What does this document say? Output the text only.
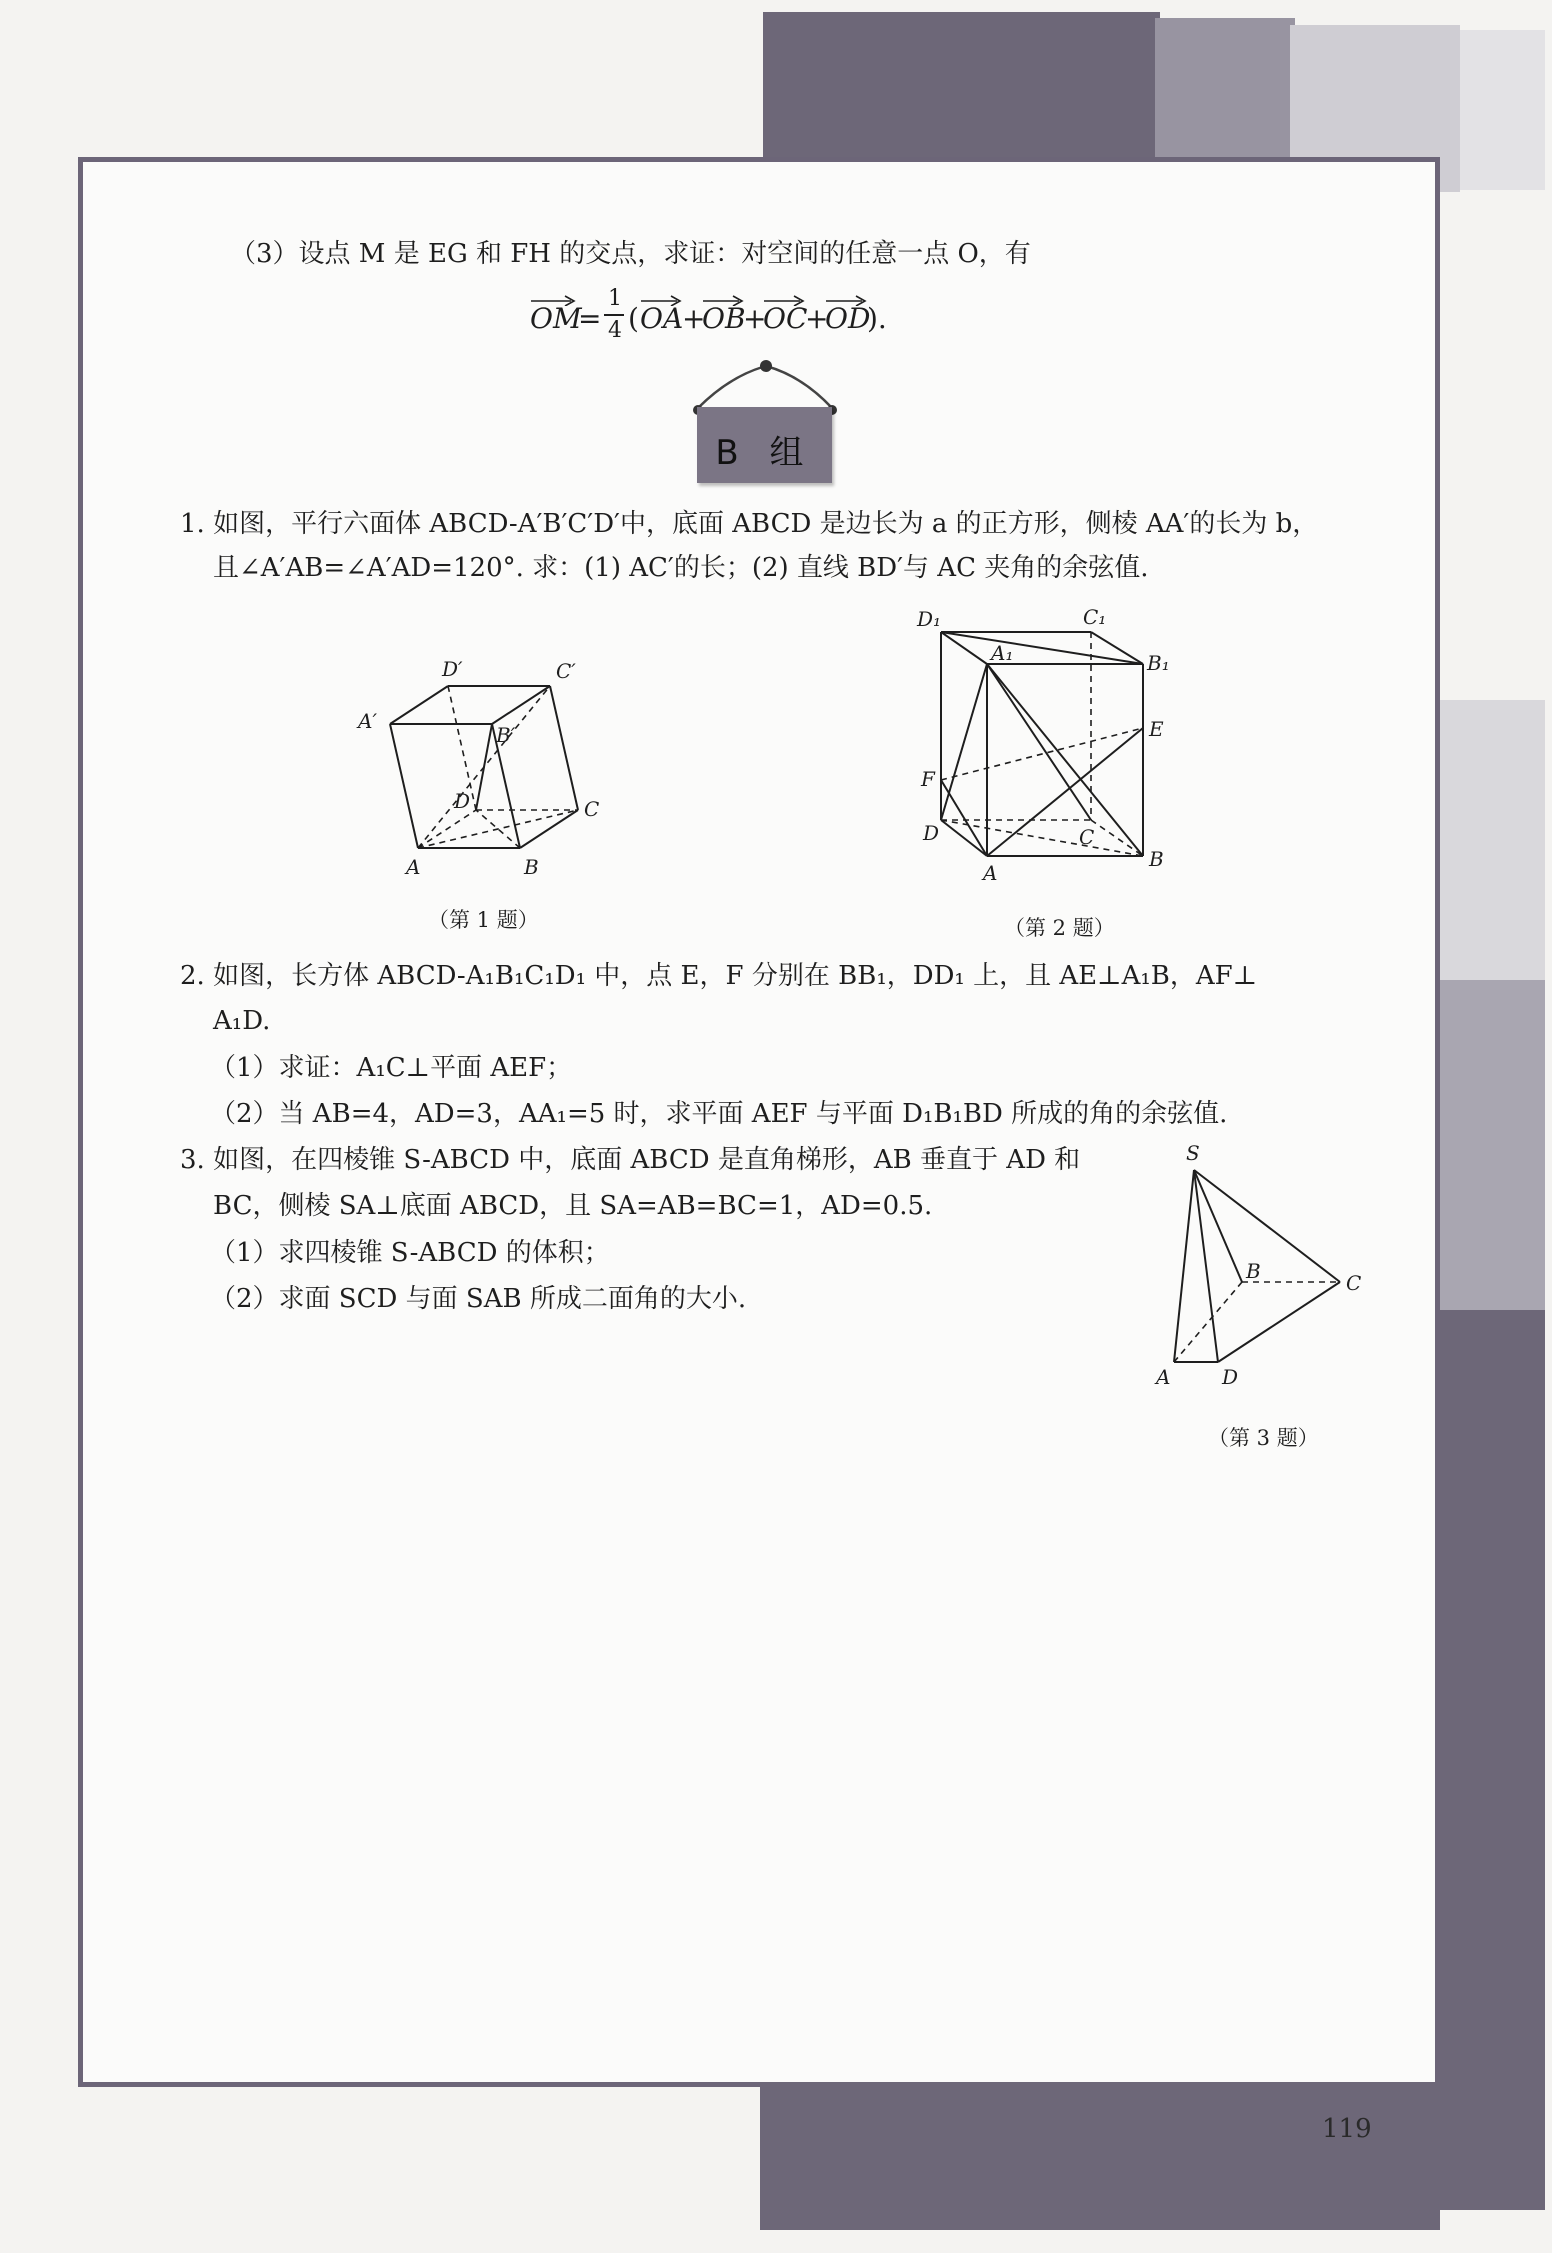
（3）设点 M 是 EG 和 FH 的交点，求证：对空间的任意一点 O，有
OM
=
1
4 ( OA
+
OB
+
OC
+
OD
).
B 组
1. 如图，平行六面体 ABCD-A′B′C′D′中，底面 ABCD 是边长为 a 的正方形，侧棱 AA′的长为 b，
且∠A′AB=∠A′AD=120°. 求：(1) AC′的长；(2) 直线 BD′与 AC 夹角的余弦值.
D′	C′
A′
B′
D	C
A	B
（第 1 题）
D₁	C₁
A₁	B₁
E
F
D	C
A
B
（第 2 题）
2. 如图，长方体 ABCD-A₁B₁C₁D₁ 中，点 E，F 分别在 BB₁，DD₁ 上，且 AE⊥A₁B，AF⊥
A₁D.
（1）求证：A₁C⊥平面 AEF；
（2）当 AB=4，AD=3，AA₁=5 时，求平面 AEF 与平面 D₁B₁BD 所成的角的余弦值.
3. 如图，在四棱锥 S-ABCD 中，底面 ABCD 是直角梯形，AB 垂直于 AD 和
BC，侧棱 SA⊥底面 ABCD，且 SA=AB=BC=1，AD=0.5.
（1）求四棱锥 S-ABCD 的体积；
（2）求面 SCD 与面 SAB 所成二面角的大小.
S
B	C
A	D
（第 3 题）
119
